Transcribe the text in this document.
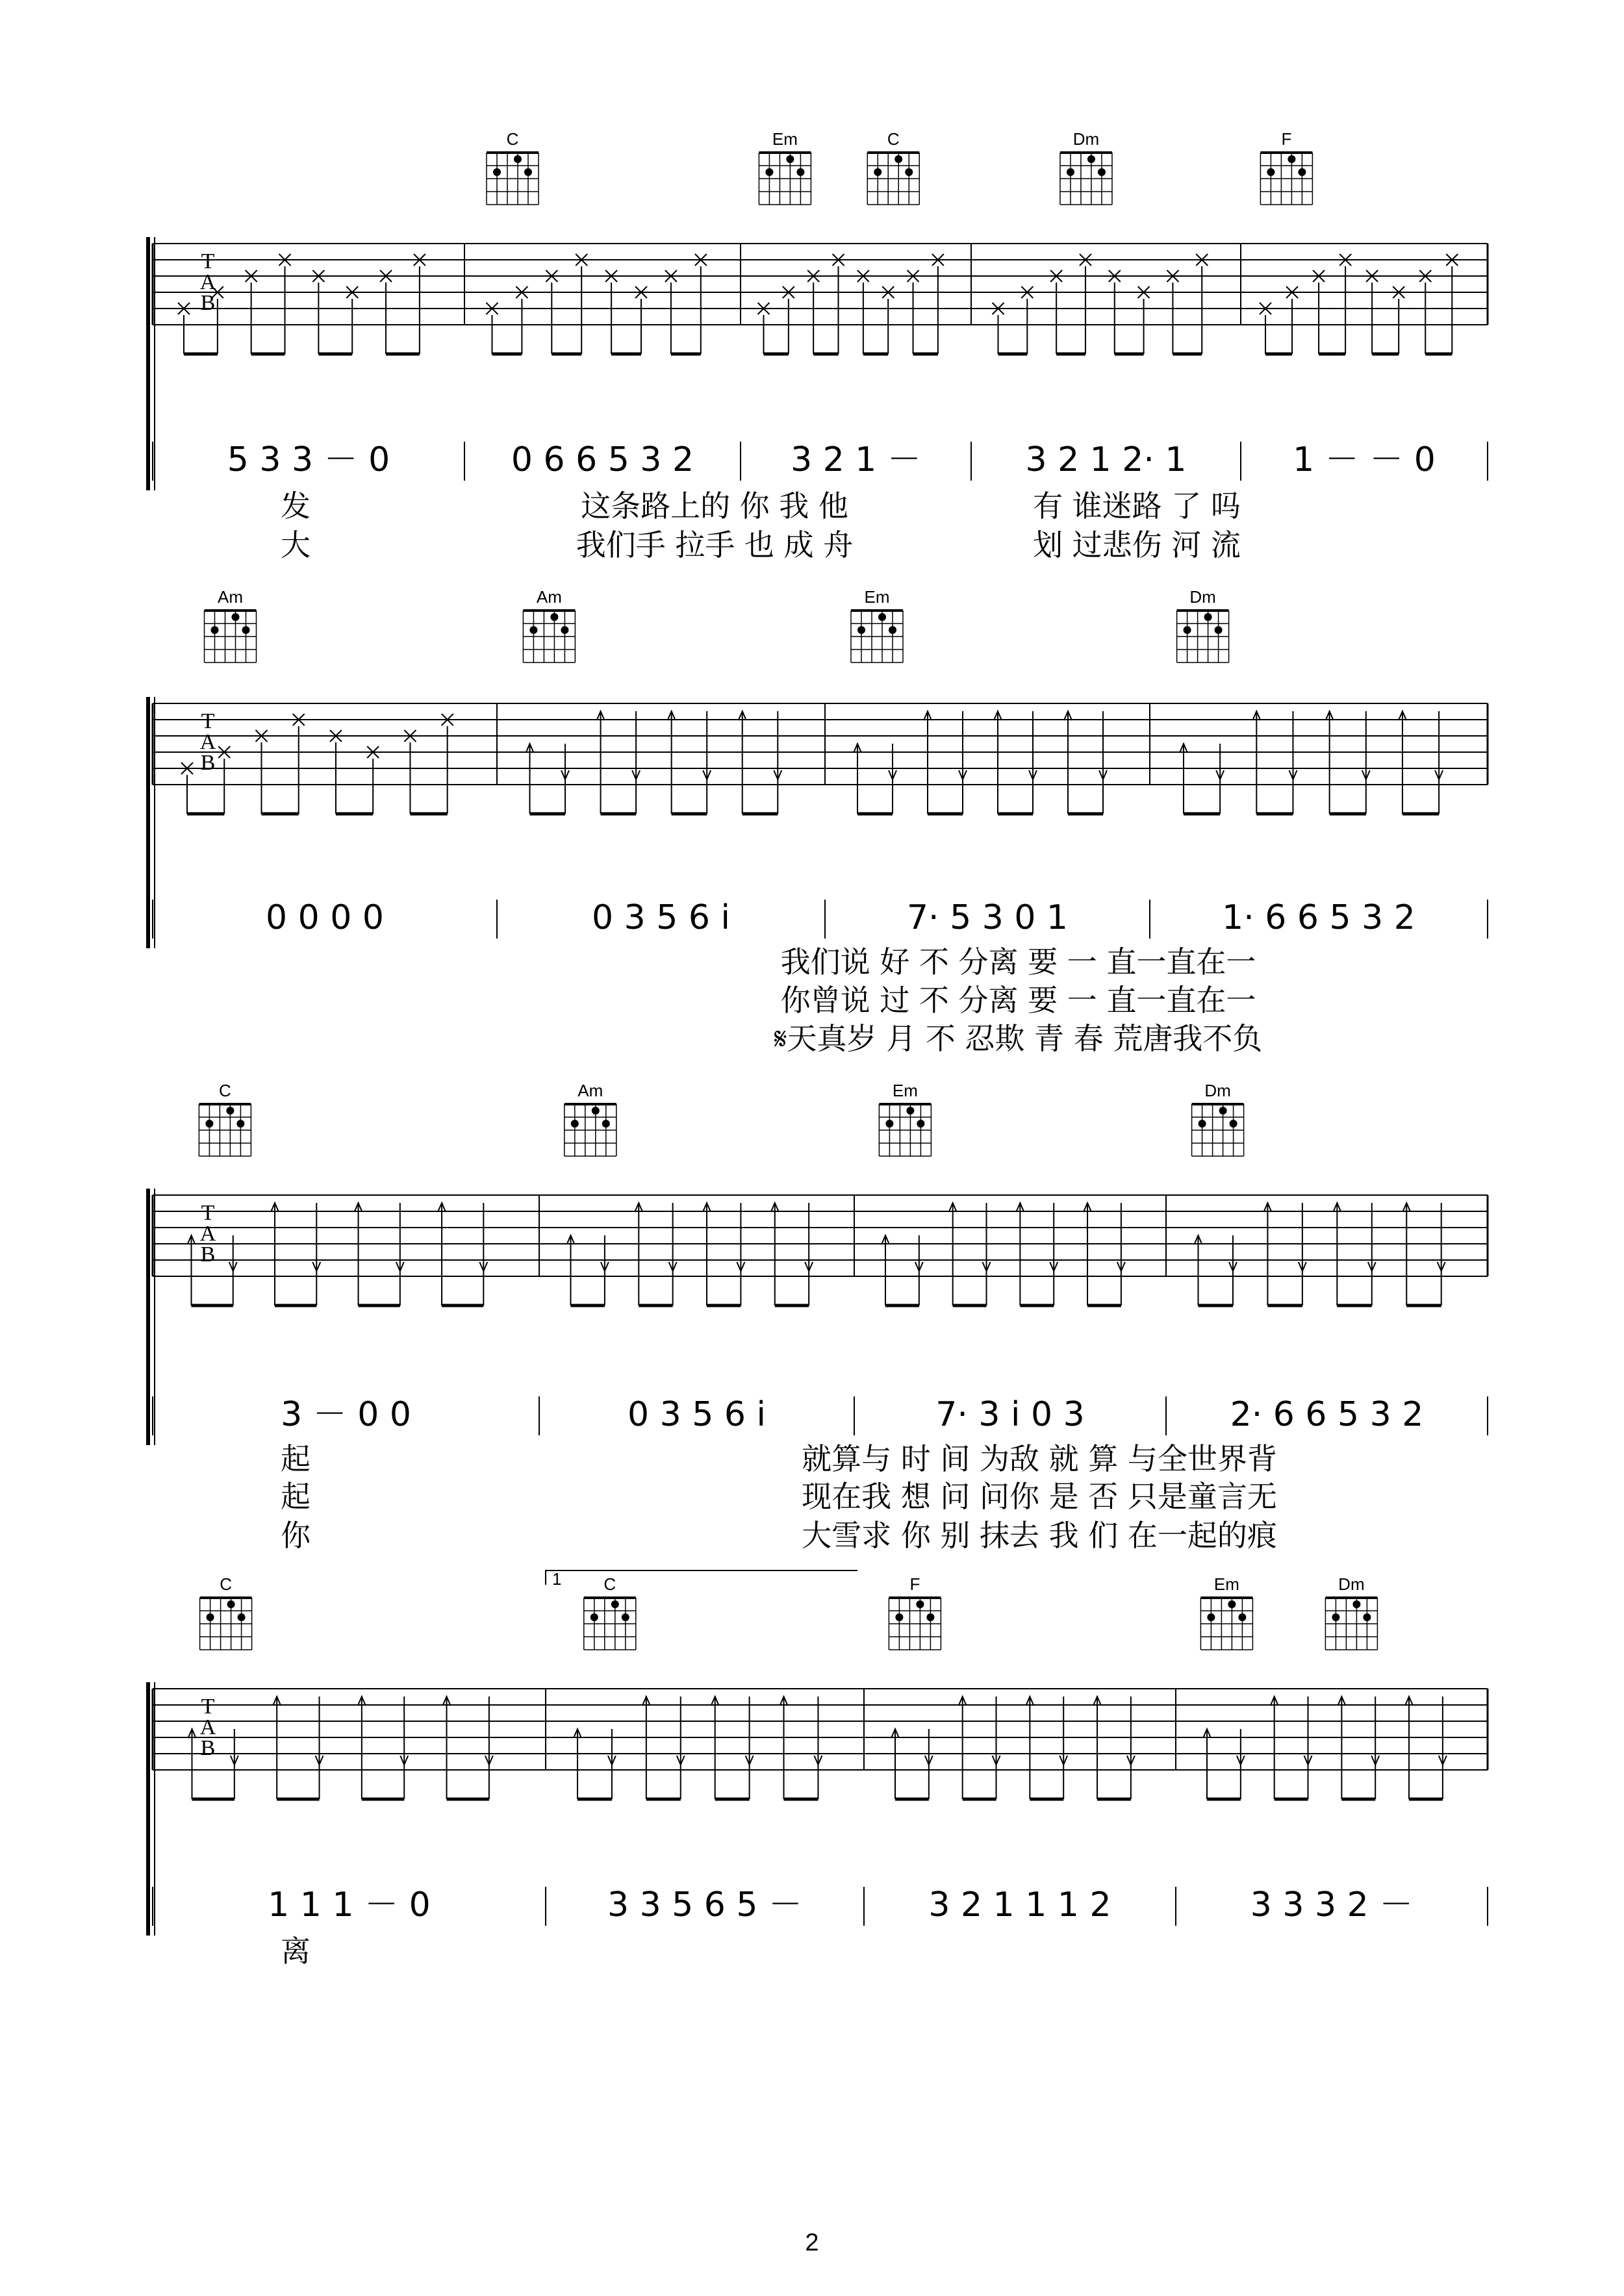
T
A
B
C	Em	C	Dm	F
5 3 3 － 0	0 6 6 5 3 2	3 2 1 －	3 2 1 2· 1	1 － － 0
发	这条路上的 你 我 他	有 谁迷路 了 吗
大	我们手 拉手 也 成 舟	划 过悲伤 河 流
T
A
B
Am	Am	Em	Dm
0 0 0 0	0 3 5 6 i	7· 5 3 0 1	1· 6 6 5 3 2
我们说 好 不 分离 要 一 直一直在一
你曾说 过 不 分离 要 一 直一直在一
𝄋天真岁 月 不 忍欺 青 春 荒唐我不负
T
A
B
C	Am	Em	Dm
3 － 0 0	0 3 5 6 i	7· 3 i 0 3	2· 6 6 5 3 2
起	就算与 时 间 为敌 就 算 与全世界背
起	现在我 想 问 问你 是 否 只是童言无
你	大雪求 你 别 抹去 我 们 在一起的痕
T
A
B
C	C	F	Em	Dm
1
1 1 1 － 0	3 3 5 6 5 －	3 2 1 1 1 2	3 3 3 2 －
离
2
